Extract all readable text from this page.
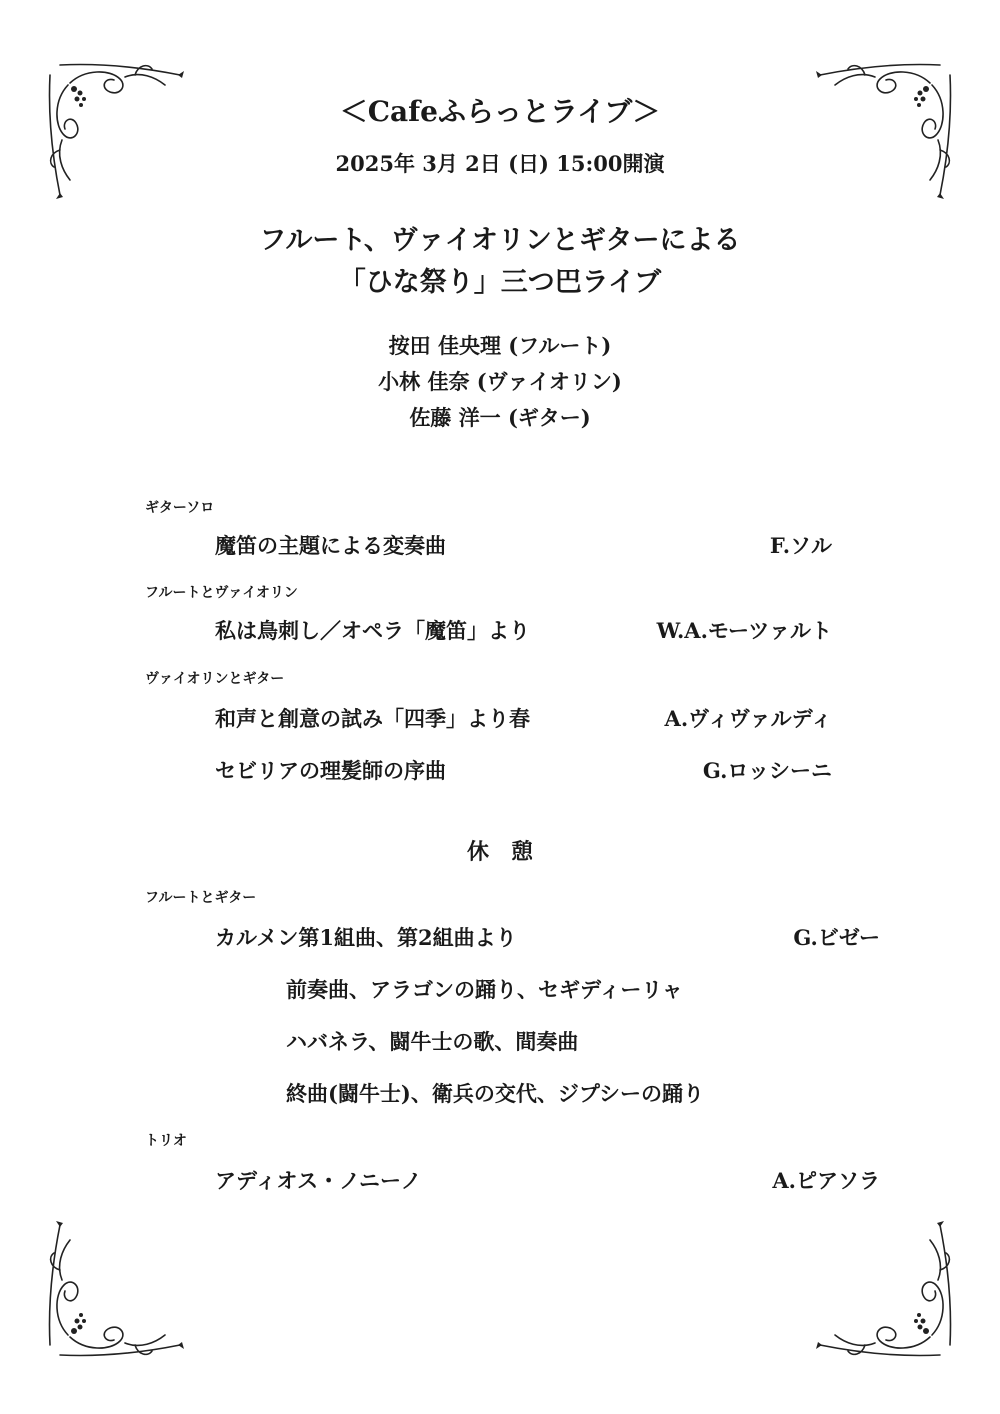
＜Cafeふらっとライブ＞
2025年 3月 2日 (日) 15:00開演
フルート、ヴァイオリンとギターによる
「ひな祭り」三つ巴ライブ
按田 佳央理 (フルート)
小林 佳奈 (ヴァイオリン)
佐藤 洋一 (ギター)
ギターソロ
魔笛の主題による変奏曲	F.ソル
フルートとヴァイオリン
私は鳥刺し／オペラ「魔笛」より	W.A.モーツァルト
ヴァイオリンとギター
和声と創意の試み「四季」より春	A.ヴィヴァルディ
セビリアの理髪師の序曲	G.ロッシーニ
休　憩
フルートとギター
カルメン第1組曲、第2組曲より	G.ビゼー
前奏曲、アラゴンの踊り、セギディーリャ
ハバネラ、闘牛士の歌、間奏曲
終曲(闘牛士)、衛兵の交代、ジプシーの踊り
トリオ
アディオス・ノニーノ	A.ピアソラ
